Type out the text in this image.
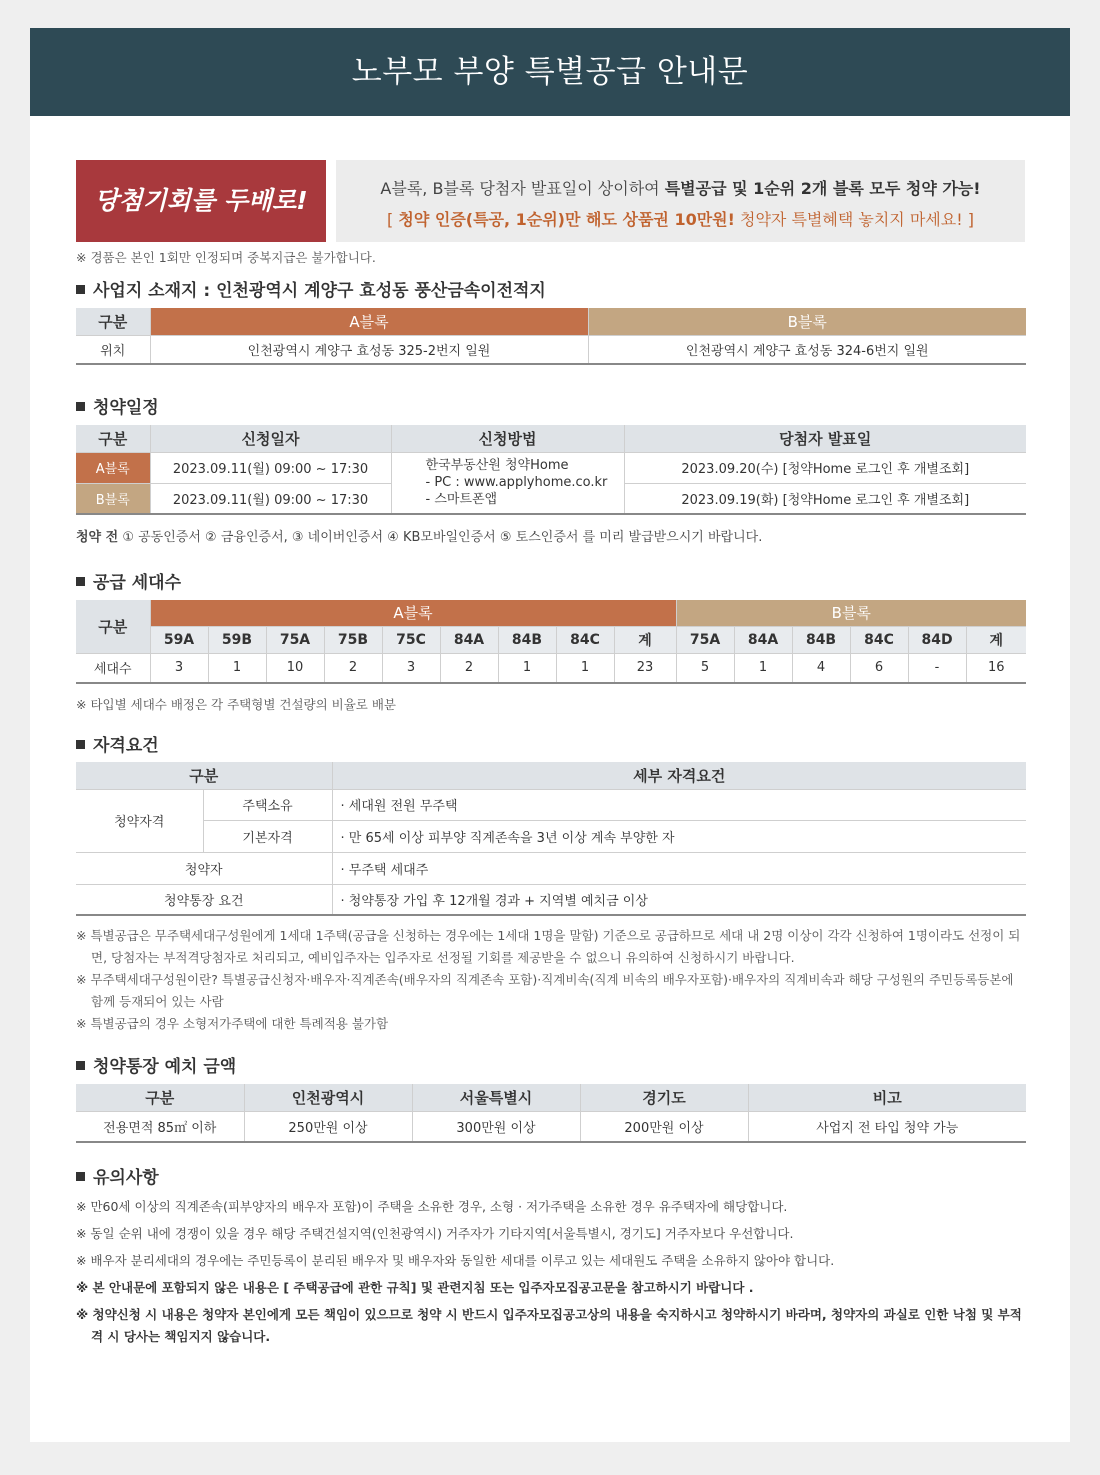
노부모 부양 특별공급 안내문
당첨기회를 두배로!	A블록, B블록 당첨자 발표일이 상이하여 특별공급 및 1순위 2개 블록 모두 청약 가능!
[ 청약 인증(특공, 1순위)만 해도 상품권 10만원! 청약자 특별혜택 놓치지 마세요! ]
※ 경품은 본인 1회만 인정되며 중복지급은 불가합니다.
사업지 소재지 : 인천광역시 계양구 효성동 풍산금속이전적지
구분	A블록	B블록
위치	인천광역시 계양구 효성동 325-2번지 일원	인천광역시 계양구 효성동 324-6번지 일원
청약일정
구분	신청일자	신청방법	당첨자 발표일
A블록	2023.09.11(월) 09:00 ~ 17:30	한국부동산원 청약Home
- PC : www.applyhome.co.kr
- 스마트폰앱	2023.09.20(수) [청약Home 로그인 후 개별조회]
B블록	2023.09.11(월) 09:00 ~ 17:30		2023.09.19(화) [청약Home 로그인 후 개별조회]
청약 전 ① 공동인증서 ② 금융인증서, ③ 네이버인증서 ④ KB모바일인증서 ⑤ 토스인증서 를 미리 발급받으시기 바랍니다.
공급 세대수
구분	A블록									B블록					
	59A	59B	75A	75B	75C	84A	84B	84C	계	75A	84A	84B	84C	84D	계
세대수	3	1	10	2	3	2	1	1	23	5	1	4	6	-	16
※ 타입별 세대수 배정은 각 주택형별 건설량의 비율로 배분
자격요건
구분		세부 자격요건
청약자격	주택소유	· 세대원 전원 무주택
	기본자격	· 만 65세 이상 피부양 직계존속을 3년 이상 계속 부양한 자
청약자		· 무주택 세대주
청약통장 요건		· 청약통장 가입 후 12개월 경과 + 지역별 예치금 이상
※ 특별공급은 무주택세대구성원에게 1세대 1주택(공급을 신청하는 경우에는 1세대 1명을 말함) 기준으로 공급하므로 세대 내 2명 이상이 각각 신청하여 1명이라도 선정이 되면, 당첨자는 부적격당첨자로 처리되고, 예비입주자는 입주자로 선정될 기회를 제공받을 수 없으니 유의하여 신청하시기 바랍니다.
※ 무주택세대구성원이란? 특별공급신청자·배우자·직계존속(배우자의 직계존속 포함)·직계비속(직계 비속의 배우자포함)·배우자의 직계비속과 해당 구성원의 주민등록등본에 함께 등재되어 있는 사람
※ 특별공급의 경우 소형저가주택에 대한 특례적용 불가함
청약통장 예치 금액
구분	인천광역시	서울특별시	경기도	비고
전용면적 85㎡ 이하	250만원 이상	300만원 이상	200만원 이상	사업지 전 타입 청약 가능
유의사항
※ 만60세 이상의 직계존속(피부양자의 배우자 포함)이 주택을 소유한 경우, 소형 · 저가주택을 소유한 경우 유주택자에 해당합니다.
※ 동일 순위 내에 경쟁이 있을 경우 해당 주택건설지역(인천광역시) 거주자가 기타지역[서울특별시, 경기도] 거주자보다 우선합니다.
※ 배우자 분리세대의 경우에는 주민등록이 분리된 배우자 및 배우자와 동일한 세대를 이루고 있는 세대원도 주택을 소유하지 않아야 합니다.
※ 본 안내문에 포함되지 않은 내용은 [ 주택공급에 관한 규칙] 및 관련지침 또는 입주자모집공고문을 참고하시기 바랍니다 .
※ 청약신청 시 내용은 청약자 본인에게 모든 책임이 있으므로 청약 시 반드시 입주자모집공고상의 내용을 숙지하시고 청약하시기 바라며, 청약자의 과실로 인한 낙첨 및 부적격 시 당사는 책임지지 않습니다.
